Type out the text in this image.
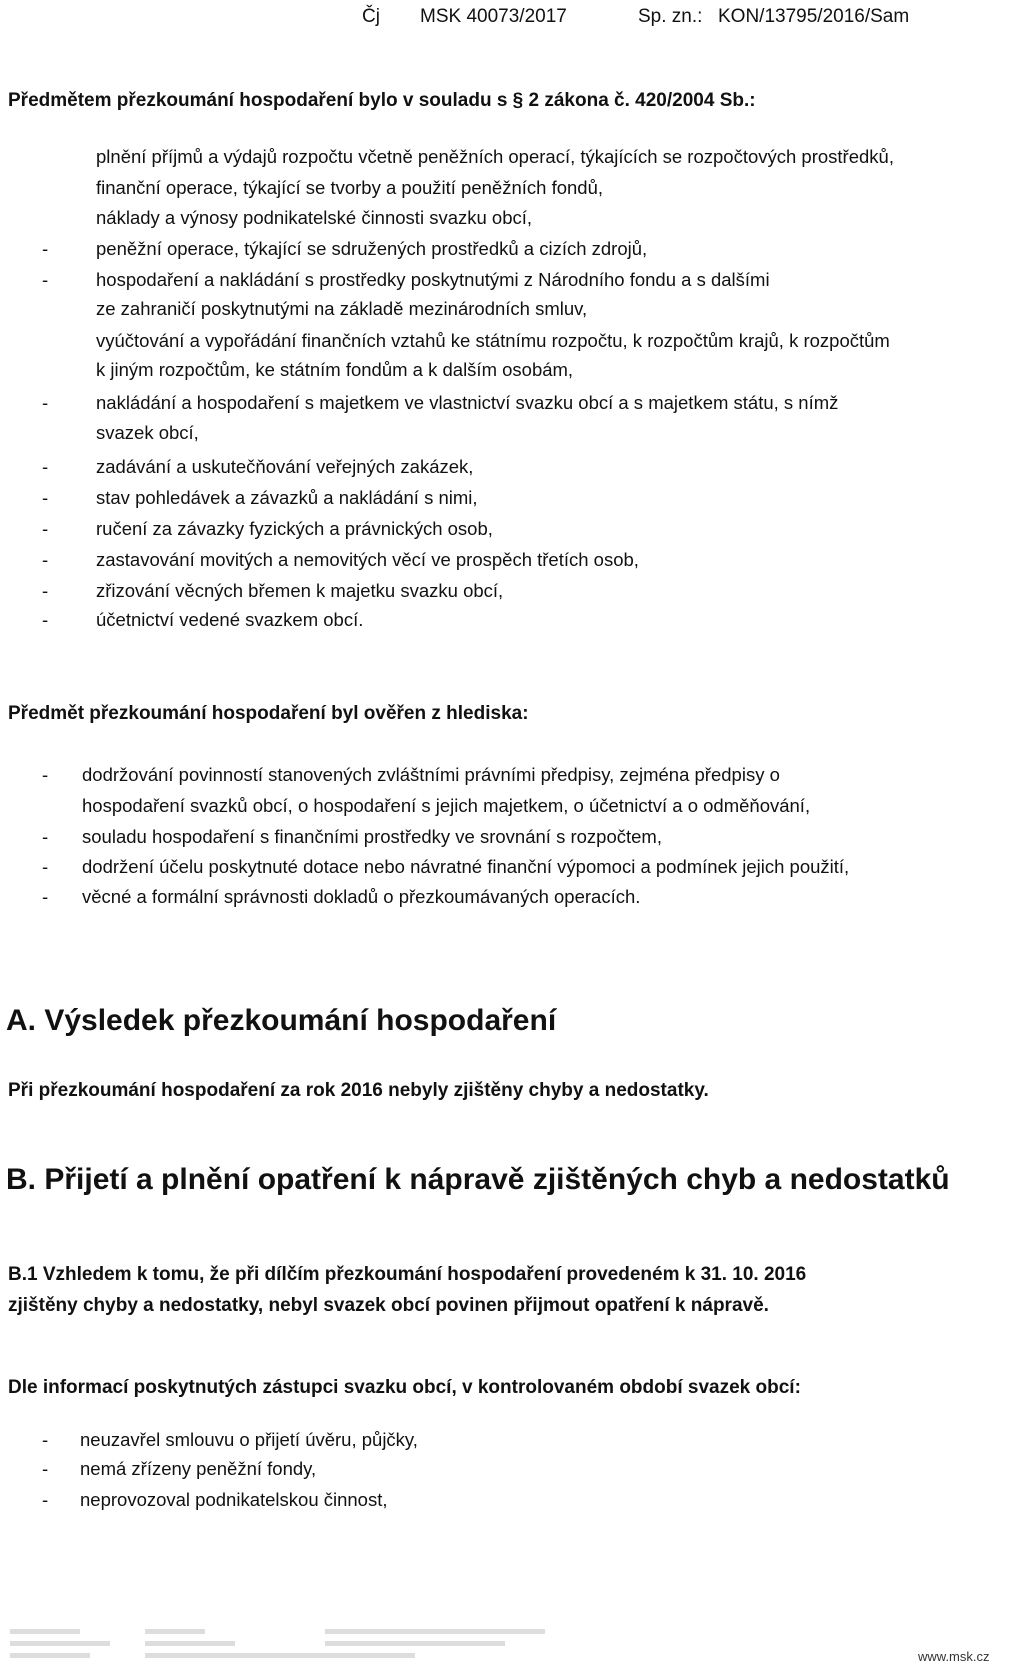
Čj MSK 40073/2017	Sp. zn.: KON/13795/2016/Sam
Předmětem přezkoumání hospodaření bylo v souladu s § 2 zákona č. 420/2004 Sb.:
plnění příjmů a výdajů rozpočtu včetně peněžních operací, týkajících se rozpočtových prostředků,
finanční operace, týkající se tvorby a použití peněžních fondů,
náklady a výnosy podnikatelské činnosti svazku obcí,
-	peněžní operace, týkající se sdružených prostředků a cizích zdrojů,
-	hospodaření a nakládání s prostředky poskytnutými z Národního fondu a s dalšími
ze zahraničí poskytnutými na základě mezinárodních smluv,
vyúčtování a vypořádání finančních vztahů ke státnímu rozpočtu, k rozpočtům krajů, k rozpočtům
k jiným rozpočtům, ke státním fondům a k dalším osobám,
-	nakládání a hospodaření s majetkem ve vlastnictví svazku obcí a s majetkem státu, s nímž
svazek obcí,
-	zadávání a uskutečňování veřejných zakázek,
-	stav pohledávek a závazků a nakládání s nimi,
-	ručení za závazky fyzických a právnických osob,
-	zastavování movitých a nemovitých věcí ve prospěch třetích osob,
-	zřizování věcných břemen k majetku svazku obcí,
-	účetnictví vedené svazkem obcí.
Předmět přezkoumání hospodaření byl ověřen z hlediska:
- dodržování povinností stanovených zvláštními právními předpisy, zejména předpisy o
hospodaření svazků obcí, o hospodaření s jejich majetkem, o účetnictví a o odměňování,
- souladu hospodaření s finančními prostředky ve srovnání s rozpočtem,
- dodržení účelu poskytnuté dotace nebo návratné finanční výpomoci a podmínek jejich použití,
- věcné a formální správnosti dokladů o přezkoumávaných operacích.
A. Výsledek přezkoumání hospodaření
Při přezkoumání hospodaření za rok 2016 nebyly zjištěny chyby a nedostatky.
B. Přijetí a plnění opatření k nápravě zjištěných chyb a nedostatků
B.1 Vzhledem k tomu, že při dílčím přezkoumání hospodaření provedeném k 31. 10. 2016
zjištěny chyby a nedostatky, nebyl svazek obcí povinen přijmout opatření k nápravě.
Dle informací poskytnutých zástupci svazku obcí, v kontrolovaném období svazek obcí:
- neuzavřel smlouvu o přijetí úvěru, půjčky,
- nemá zřízeny peněžní fondy,
- neprovozoval podnikatelskou činnost,
www.msk.cz
